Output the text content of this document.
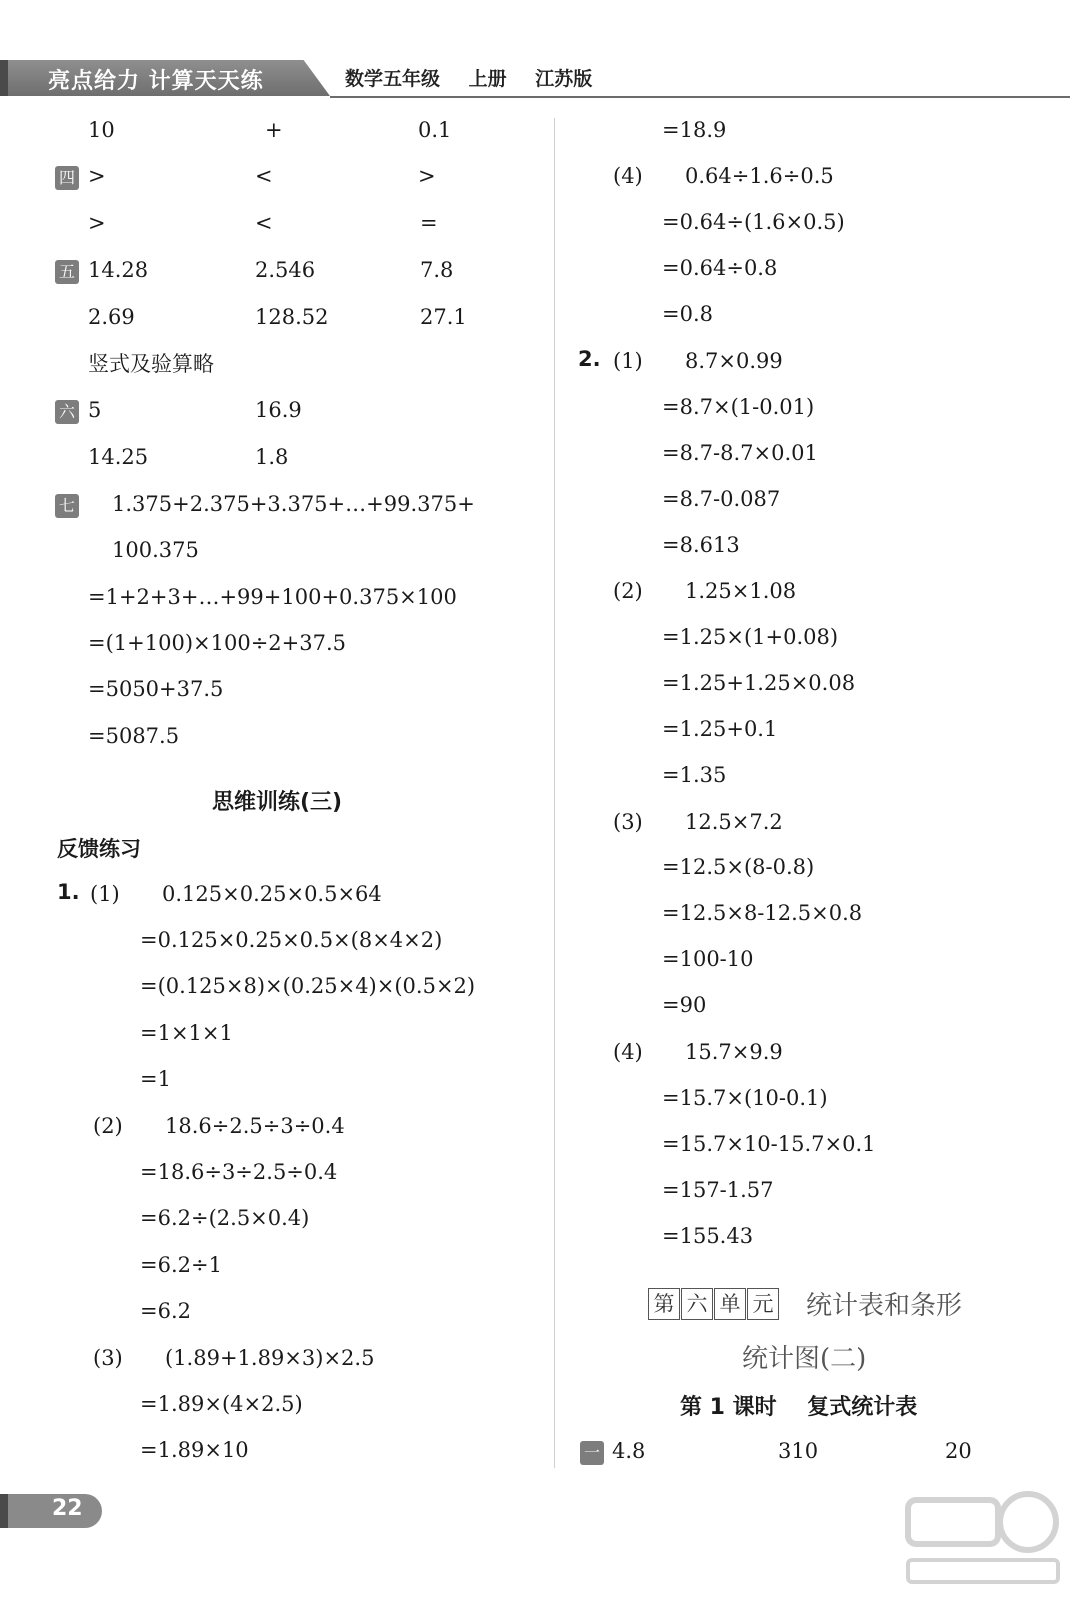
亮点给力 计算天天练	数学五年级 上册 江苏版
10	+	0.1
四 >	<	>
>	<	=
五 14.28	2.546	7.8
2.69	128.52	27.1
竖式及验算略
六 5	16.9
14.25	1.8
七 1.375+2.375+3.375+…+99.375+
100.375
=1+2+3+…+99+100+0.375×100
=(1+100)×100÷2+37.5
=5050+37.5
=5087.5
思维训练(三)
反馈练习
1. (1) 0.125×0.25×0.5×64
=0.125×0.25×0.5×(8×4×2)
=(0.125×8)×(0.25×4)×(0.5×2)
=1×1×1
=1
(2) 18.6÷2.5÷3÷0.4
=18.6÷3÷2.5÷0.4
=6.2÷(2.5×0.4)
=6.2÷1
=6.2
(3) (1.89+1.89×3)×2.5
=1.89×(4×2.5)
=1.89×10
=18.9
(4) 0.64÷1.6÷0.5
=0.64÷(1.6×0.5)
=0.64÷0.8
=0.8
2. (1) 8.7×0.99
=8.7×(1-0.01)
=8.7-8.7×0.01
=8.7-0.087
=8.613
(2) 1.25×1.08
=1.25×(1+0.08)
=1.25+1.25×0.08
=1.25+0.1
=1.35
(3) 12.5×7.2
=12.5×(8-0.8)
=12.5×8-12.5×0.8
=100-10
=90
(4) 15.7×9.9
=15.7×(10-0.1)
=15.7×10-15.7×0.1
=157-1.57
=155.43
第 六 单 元 统计表和条形
统计图(二)
第 1 课时    复式统计表
一 4.8	310	20
22
